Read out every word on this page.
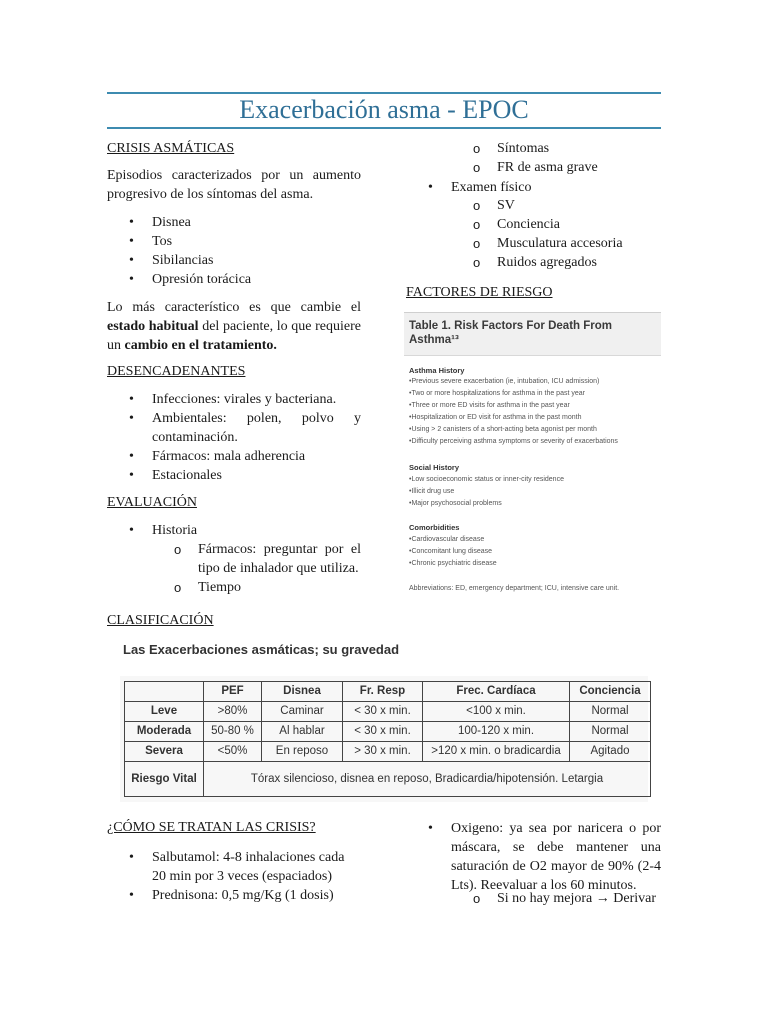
Exacerbación asma - EPOC
CRISIS ASMÁTICAS
Episodios caracterizados por un aumento progresivo de los síntomas del asma.
• Disnea
• Tos
• Sibilancias
• Opresión torácica
Lo más característico es que cambie el estado habitual del paciente, lo que requiere un cambio en el tratamiento.
DESENCADENANTES
• Infecciones: virales y bacteriana.
• Ambientales: polen, polvo y contaminación.
• Fármacos: mala adherencia
• Estacionales
EVALUACIÓN
• Historia
o Fármacos: preguntar por el tipo de inhalador que utiliza.
o Tiempo
CLASIFICACIÓN
o Síntomas
o FR de asma grave
• Examen físico
o SV
o Conciencia
o Musculatura accesoria
o Ruidos agregados
FACTORES DE RIESGO
Table 1. Risk Factors For Death From Asthma¹³
Asthma History
• Previous severe exacerbation (ie, intubation, ICU admission)
• Two or more hospitalizations for asthma in the past year
• Three or more ED visits for asthma in the past year
• Hospitalization or ED visit for asthma in the past month
• Using > 2 canisters of a short-acting beta agonist per month
• Difficulty perceiving asthma symptoms or severity of exacerbations
Social History
• Low socioeconomic status or inner-city residence
• Illicit drug use
• Major psychosocial problems
Comorbidities
• Cardiovascular disease
• Concomitant lung disease
• Chronic psychiatric disease
Abbreviations: ED, emergency department; ICU, intensive care unit.
Las Exacerbaciones asmáticas; su gravedad
	PEF	Disnea	Fr. Resp	Frec. Cardíaca	Conciencia
Leve	>80%	Caminar	< 30 x min.	<100 x min.	Normal
Moderada	50-80 %	Al hablar	< 30 x min.	100-120 x min.	Normal
Severa	<50%	En reposo	> 30 x min.	>120 x min. o bradicardia	Agitado
Riesgo Vital	Tórax silencioso, disnea en reposo, Bradicardia/hipotensión. Letargia				
¿CÓMO SE TRATAN LAS CRISIS?
• Salbutamol: 4-8 inhalaciones cada 20 min por 3 veces (espaciados)
• Prednisona: 0,5 mg/Kg (1 dosis)
• Oxigeno: ya sea por naricera o por máscara, se debe mantener una saturación de O2 mayor de 90% (2-4 Lts). Reevaluar a los 60 minutos.
o Si no hay mejora → Derivar
